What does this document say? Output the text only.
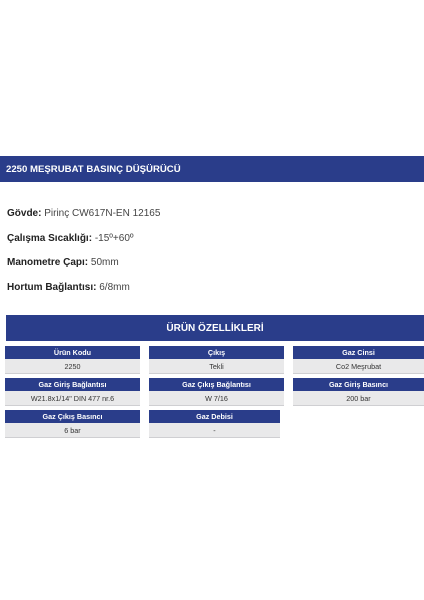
2250 MEŞRUBAT BASINÇ DÜŞÜRÜCÜ
Gövde: Pirinç CW617N-EN 12165
Çalışma Sıcaklığı: -15º+60º
Manometre Çapı: 50mm
Hortum Bağlantısı: 6/8mm
ÜRÜN ÖZELLİKLERİ
Ürün Kodu
2250
Çıkış
Tekli
Gaz Cinsi
Co2 Meşrubat
Gaz Giriş Bağlantısı
W21.8x1/14" DIN 477 nr.6
Gaz Çıkış Bağlantısı
W 7/16
Gaz Giriş Basıncı
200 bar
Gaz Çıkış Basıncı
6 bar
Gaz Debisi
-
